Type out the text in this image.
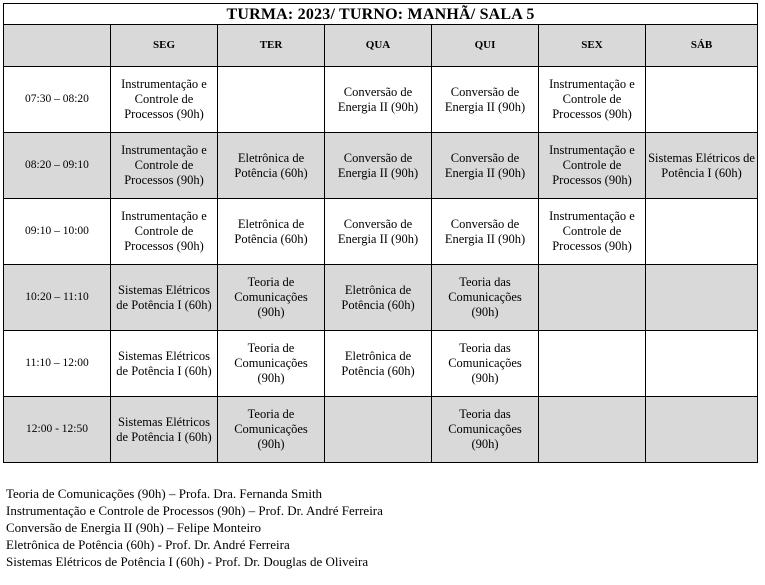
TURMA: 2023/ TURNO: MANHÃ/ SALA 5						
	SEG	TER	QUA	QUI	SEX	SÁB
07:30 – 08:20	Instrumentação e Controle de Processos (90h)		Conversão de Energia II (90h)	Conversão de Energia II (90h)	Instrumentação e Controle de Processos (90h)	
08:20 – 09:10	Instrumentação e Controle de Processos (90h)	Eletrônica de Potência (60h)	Conversão de Energia II (90h)	Conversão de Energia II (90h)	Instrumentação e Controle de Processos (90h)	Sistemas Elétricos de Potência I (60h)
09:10 – 10:00	Instrumentação e Controle de Processos (90h)	Eletrônica de Potência (60h)	Conversão de Energia II (90h)	Conversão de Energia II (90h)	Instrumentação e Controle de Processos (90h)	
10:20 – 11:10	Sistemas Elétricos de Potência I (60h)	Teoria de Comunicações (90h)	Eletrônica de Potência (60h)	Teoria das Comunicações (90h)		
11:10 – 12:00	Sistemas Elétricos de Potência I (60h)	Teoria de Comunicações (90h)	Eletrônica de Potência (60h)	Teoria das Comunicações (90h)		
12:00 - 12:50	Sistemas Elétricos de Potência I (60h)	Teoria de Comunicações (90h)		Teoria das Comunicações (90h)		
Teoria de Comunicações (90h) – Profa. Dra. Fernanda Smith
Instrumentação e Controle de Processos (90h) – Prof. Dr. André Ferreira
Conversão de Energia II (90h) – Felipe Monteiro
Eletrônica de Potência (60h) - Prof. Dr. André Ferreira
Sistemas Elétricos de Potência I (60h) - Prof. Dr. Douglas de Oliveira
